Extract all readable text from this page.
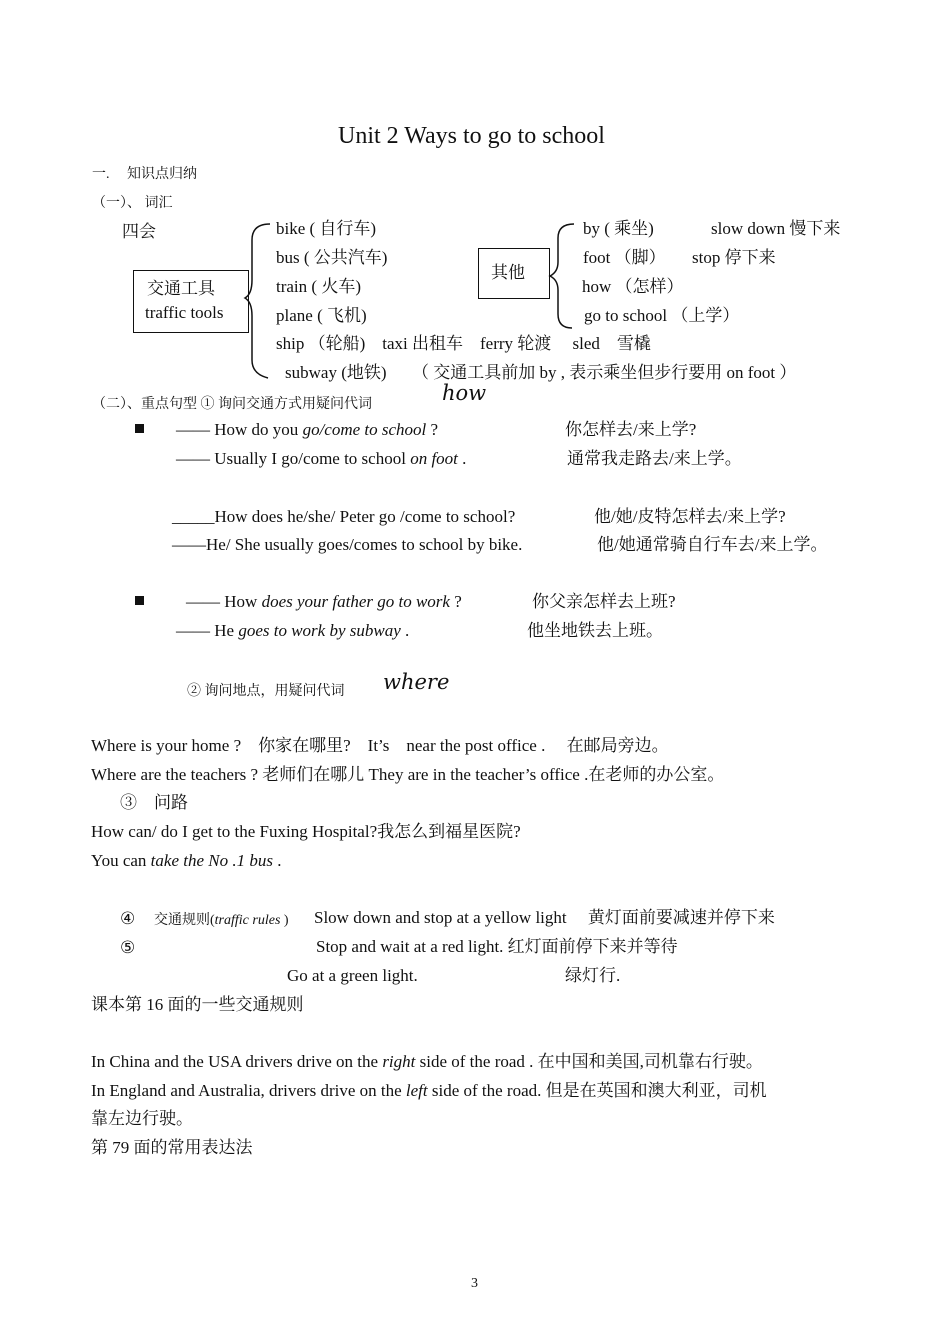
Unit 2 Ways to go to school
一.　 知识点归纳
（一）、 词汇
四会
交通工具
traffic tools
bike ( 自行车)
bus ( 公共汽车)
train ( 火车)
plane ( 飞机)
ship （轮船)　taxi 出租车　ferry 轮渡　 sled　雪橇
subway (地铁)　　（ 交通工具前加 by , 表示乘坐但步行要用 on foot ）
其他
by ( 乘坐)
foot （脚）
how （怎样）
go to school （上学）
slow down 慢下来
stop 停下来
（二）、重点句型 ① 询问交通方式用疑问代词	how
—— How do you go/come to school ?	你怎样去/来上学?
—— Usually I go/come to school on foot .	通常我走路去/来上学。
_____How does he/she/ Peter go /come to school?	他/她/皮特怎样去/来上学?
——He/ She usually goes/comes to school by bike.	他/她通常骑自行车去/来上学。
—— How does your father go to work ?	你父亲怎样去上班?
—— He goes to work by subway .	他坐地铁去上班。
② 询问地点，用疑问代词 where
Where is your home ?　你家在哪里?　It’s　near the post office .　 在邮局旁边。
Where are the teachers ? 老师们在哪儿 They are in the teacher’s office .在老师的办公室。
③　问路
How can/ do I get to the Fuxing Hospital?我怎么到福星医院?
You can take the No .1 bus .
④ 交通规则(traffic rules ) Slow down and stop at a yellow light　 黄灯面前要减速并停下来
⑤	Stop and wait at a red light. 红灯面前停下来并等待
Go at a green light.	绿灯行.
课本第 16 面的一些交通规则
In China and the USA drivers drive on the right side of the road . 在中国和美国,司机靠右行驶。
In England and Australia, drivers drive on the left side of the road. 但是在英国和澳大利亚，司机
靠左边行驶。
第 79 面的常用表达法
3
